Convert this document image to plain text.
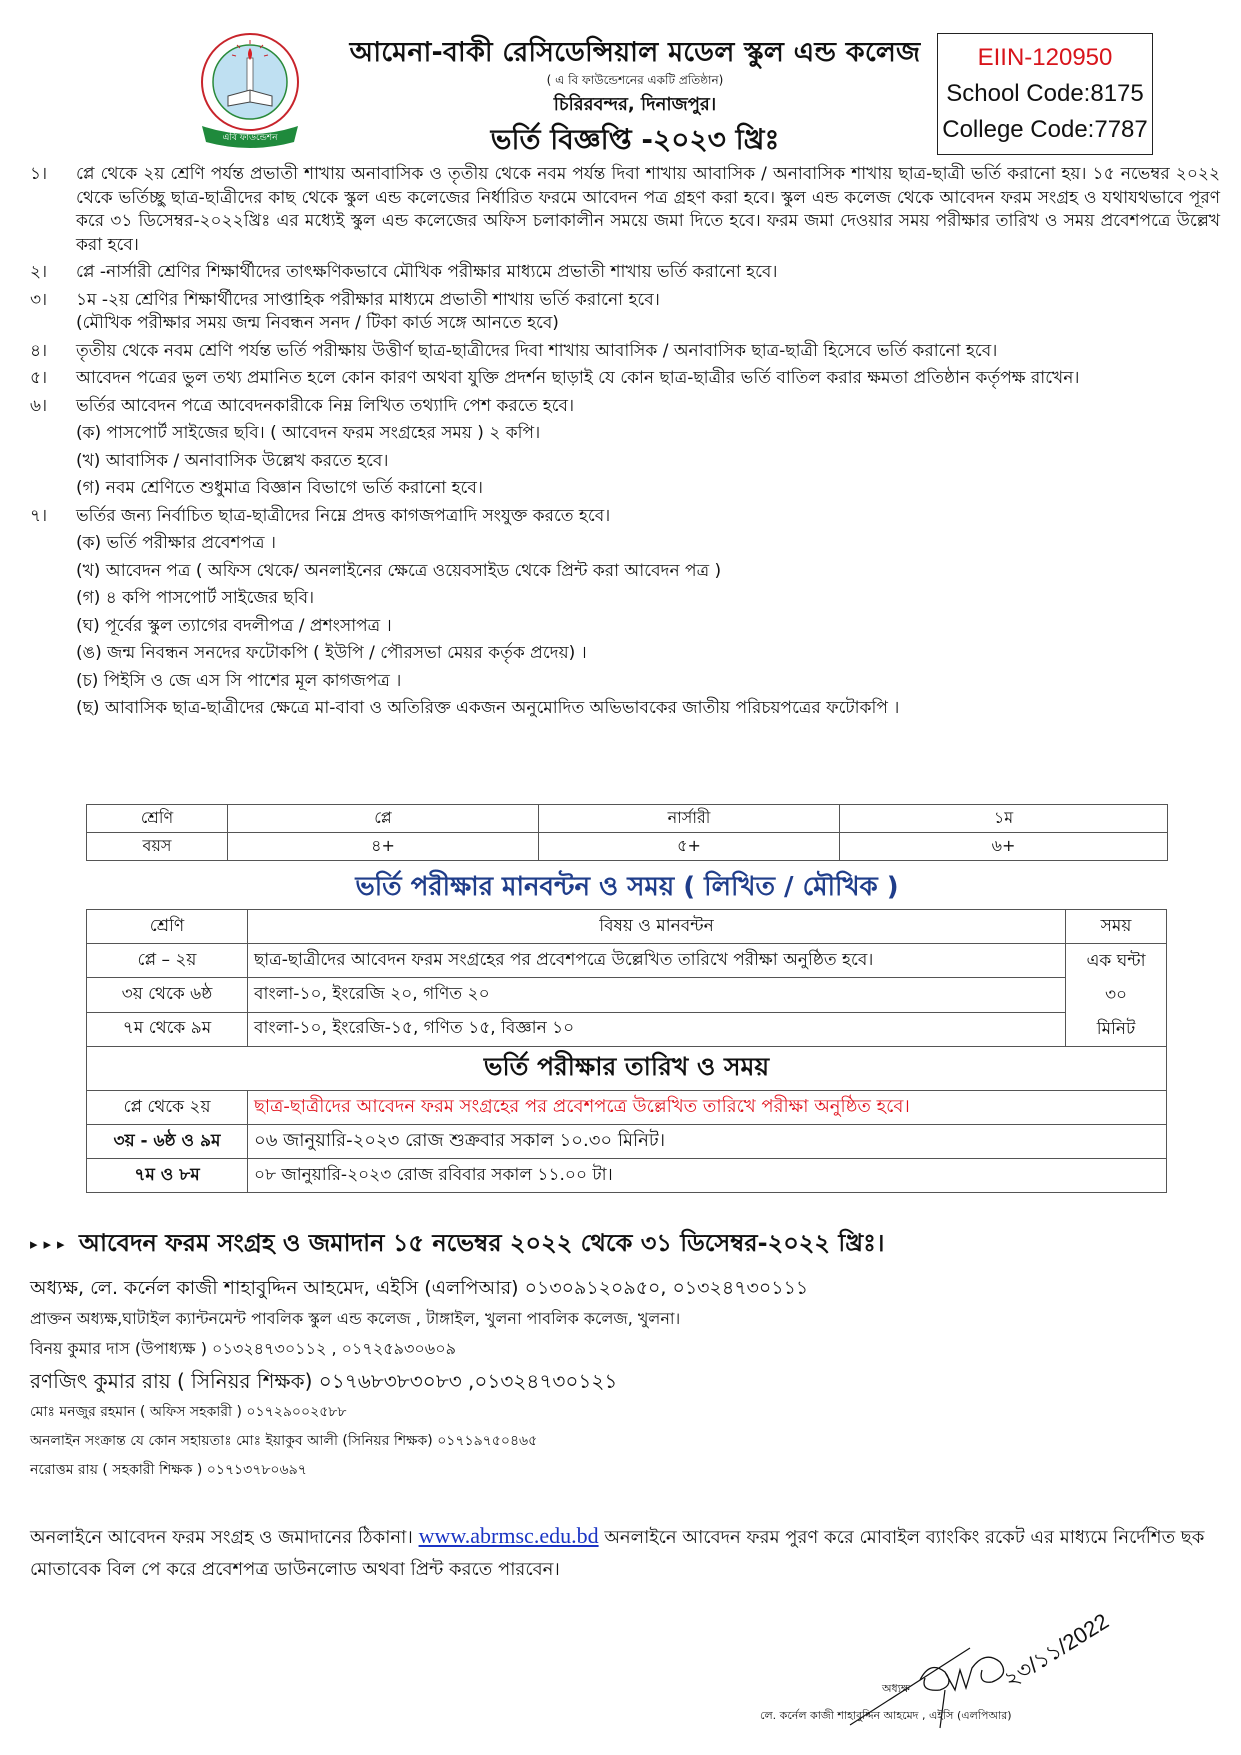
এবি ফাউন্ডেশন
আমেনা-বাকী রেসিডেন্সিয়াল মডেল স্কুল এন্ড কলেজ
( এ বি ফাউন্ডেশনের একটি প্রতিষ্ঠান)
চিরিরবন্দর, দিনাজপুর।
ভর্তি বিজ্ঞপ্তি -২০২৩ খ্রিঃ
EIIN-120950
School Code:8175
College Code:7787
১।	প্লে থেকে ২য় শ্রেণি পর্যন্ত প্রভাতী শাখায় অনাবাসিক ও তৃতীয় থেকে নবম পর্যন্ত দিবা শাখায় আবাসিক / অনাবাসিক শাখায় ছাত্র-ছাত্রী ভর্তি করানো হয়। ১৫ নভেম্বর ২০২২ থেকে ভর্তিচ্ছু ছাত্র-ছাত্রীদের কাছ থেকে স্কুল এন্ড কলেজের নির্ধারিত ফরমে আবেদন পত্র গ্রহণ করা হবে। স্কুল এন্ড কলেজ থেকে আবেদন ফরম সংগ্রহ ও যথাযথভাবে পূরণ করে ৩১ ডিসেম্বর-২০২২খ্রিঃ এর মধ্যেই স্কুল এন্ড কলেজের অফিস চলাকালীন সময়ে জমা দিতে হবে। ফরম জমা দেওয়ার সময় পরীক্ষার তারিখ ও সময় প্রবেশপত্রে উল্লেখ করা হবে।
২।	প্লে -নার্সারী শ্রেণির শিক্ষার্থীদের তাৎক্ষণিকভাবে মৌখিক পরীক্ষার মাধ্যমে প্রভাতী শাখায় ভর্তি করানো হবে।
৩।	১ম -২য় শ্রেণির শিক্ষার্থীদের সাপ্তাহিক পরীক্ষার মাধ্যমে প্রভাতী শাখায় ভর্তি করানো হবে।
(মৌখিক পরীক্ষার সময় জন্ম নিবন্ধন সনদ / টিকা কার্ড সঙ্গে আনতে হবে)
৪।	তৃতীয় থেকে নবম শ্রেণি পর্যন্ত ভর্তি পরীক্ষায় উত্তীর্ণ ছাত্র-ছাত্রীদের দিবা শাখায় আবাসিক / অনাবাসিক ছাত্র-ছাত্রী হিসেবে ভর্তি করানো হবে।
৫।	আবেদন পত্রের ভুল তথ্য প্রমানিত হলে কোন কারণ অথবা যুক্তি প্রদর্শন ছাড়াই যে কোন ছাত্র-ছাত্রীর ভর্তি বাতিল করার ক্ষমতা প্রতিষ্ঠান কর্তৃপক্ষ রাখেন।
৬।	ভর্তির আবেদন পত্রে আবেদনকারীকে নিম্ন লিখিত তথ্যাদি পেশ করতে হবে।
(ক) পাসপোর্ট সাইজের ছবি। ( আবেদন ফরম সংগ্রহের সময় ) ২ কপি।
(খ) আবাসিক / অনাবাসিক উল্লেখ করতে হবে।
(গ) নবম শ্রেণিতে শুধুমাত্র বিজ্ঞান বিভাগে ভর্তি করানো হবে।
৭।	ভর্তির জন্য নির্বাচিত ছাত্র-ছাত্রীদের নিম্নে প্রদত্ত কাগজপত্রাদি সংযুক্ত করতে হবে।
(ক) ভর্তি পরীক্ষার প্রবেশপত্র ।
(খ) আবেদন পত্র ( অফিস থেকে/ অনলাইনের ক্ষেত্রে ওয়েবসাইড থেকে প্রিন্ট করা আবেদন পত্র )
(গ) ৪ কপি পাসপোর্ট সাইজের ছবি।
(ঘ) পূর্বের স্কুল ত্যাগের বদলীপত্র / প্রশংসাপত্র ।
(ঙ) জন্ম নিবন্ধন সনদের ফটোকপি ( ইউপি / পৌরসভা মেয়র কর্তৃক প্রদেয়) ।
(চ) পিইসি ও জে এস সি পাশের মূল কাগজপত্র ।
(ছ) আবাসিক ছাত্র-ছাত্রীদের ক্ষেত্রে মা-বাবা ও অতিরিক্ত একজন অনুমোদিত অভিভাবকের জাতীয় পরিচয়পত্রের ফটোকপি ।
শ্রেণি	প্লে	নার্সারী	১ম
বয়স	৪+	৫+	৬+
ভর্তি পরীক্ষার মানবন্টন ও সময় ( লিখিত / মৌখিক )
শ্রেণি	বিষয় ও মানবন্টন	সময়
প্লে – ২য়	ছাত্র-ছাত্রীদের আবেদন ফরম সংগ্রহের পর প্রবেশপত্রে উল্লেখিত তারিখে পরীক্ষা অনুষ্ঠিত হবে।	এক ঘন্টা
৩০
মিনিট

৩য় থেকে ৬ষ্ঠ	বাংলা-১০, ইংরেজি ২০, গণিত ২০	
৭ম থেকে ৯ম	বাংলা-১০, ইংরেজি-১৫, গণিত ১৫, বিজ্ঞান ১০	
ভর্তি পরীক্ষার তারিখ ও সময়		
প্লে থেকে ২য়	ছাত্র-ছাত্রীদের আবেদন ফরম সংগ্রহের পর প্রবেশপত্রে উল্লেখিত তারিখে পরীক্ষা অনুষ্ঠিত হবে।	
৩য় - ৬ষ্ঠ ও ৯ম	০৬ জানুয়ারি-২০২৩ রোজ শুক্রবার সকাল ১০.৩০ মিনিট।	
৭ম ও ৮ম	০৮ জানুয়ারি-২০২৩ রোজ রবিবার সকাল ১১.০০ টা।	
▸▸▸ আবেদন ফরম সংগ্রহ ও জমাদান ১৫ নভেম্বর ২০২২ থেকে ৩১ ডিসেম্বর-২০২২ খ্রিঃ।
অধ্যক্ষ, লে. কর্নেল কাজী শাহাবুদ্দিন আহমেদ, এইসি (এলপিআর) ০১৩০৯১২০৯৫০, ০১৩২৪৭৩০১১১
প্রাক্তন অধ্যক্ষ,ঘাটাইল ক্যান্টনমেন্ট পাবলিক স্কুল এন্ড কলেজ , টাঙ্গাইল, খুলনা পাবলিক কলেজ, খুলনা।
বিনয় কুমার দাস (উপাধ্যক্ষ ) ০১৩২৪৭৩০১১২ , ০১৭২৫৯৩০৬০৯
রণজিৎ কুমার রায় ( সিনিয়র শিক্ষক) ০১৭৬৮৩৮৩০৮৩ ,০১৩২৪৭৩০১২১
মোঃ মনজুর রহমান ( অফিস সহকারী ) ০১৭২৯০০২৫৮৮
অনলাইন সংক্রান্ত যে কোন সহায়তাঃ মোঃ ইয়াকুব আলী (সিনিয়র শিক্ষক) ০১৭১৯৭৫০৪৬৫
নরোত্তম রায় ( সহকারী শিক্ষক ) ০১৭১৩৭৮০৬৯৭
অনলাইনে আবেদন ফরম সংগ্রহ ও জমাদানের ঠিকানা। www.abrmsc.edu.bd অনলাইনে আবেদন ফরম পুরণ করে মোবাইল ব্যাংকিং রকেট এর মাধ্যমে নির্দেশিত ছক মোতাবেক বিল পে করে প্রবেশপত্র ডাউনলোড অথবা প্রিন্ট করতে পারবেন।
২৩/১১/2022
অধ্যক্ষ
লে. কর্নেল কাজী শাহাবুদ্দিন আহমেদ , এইসি (এলপিআর)
